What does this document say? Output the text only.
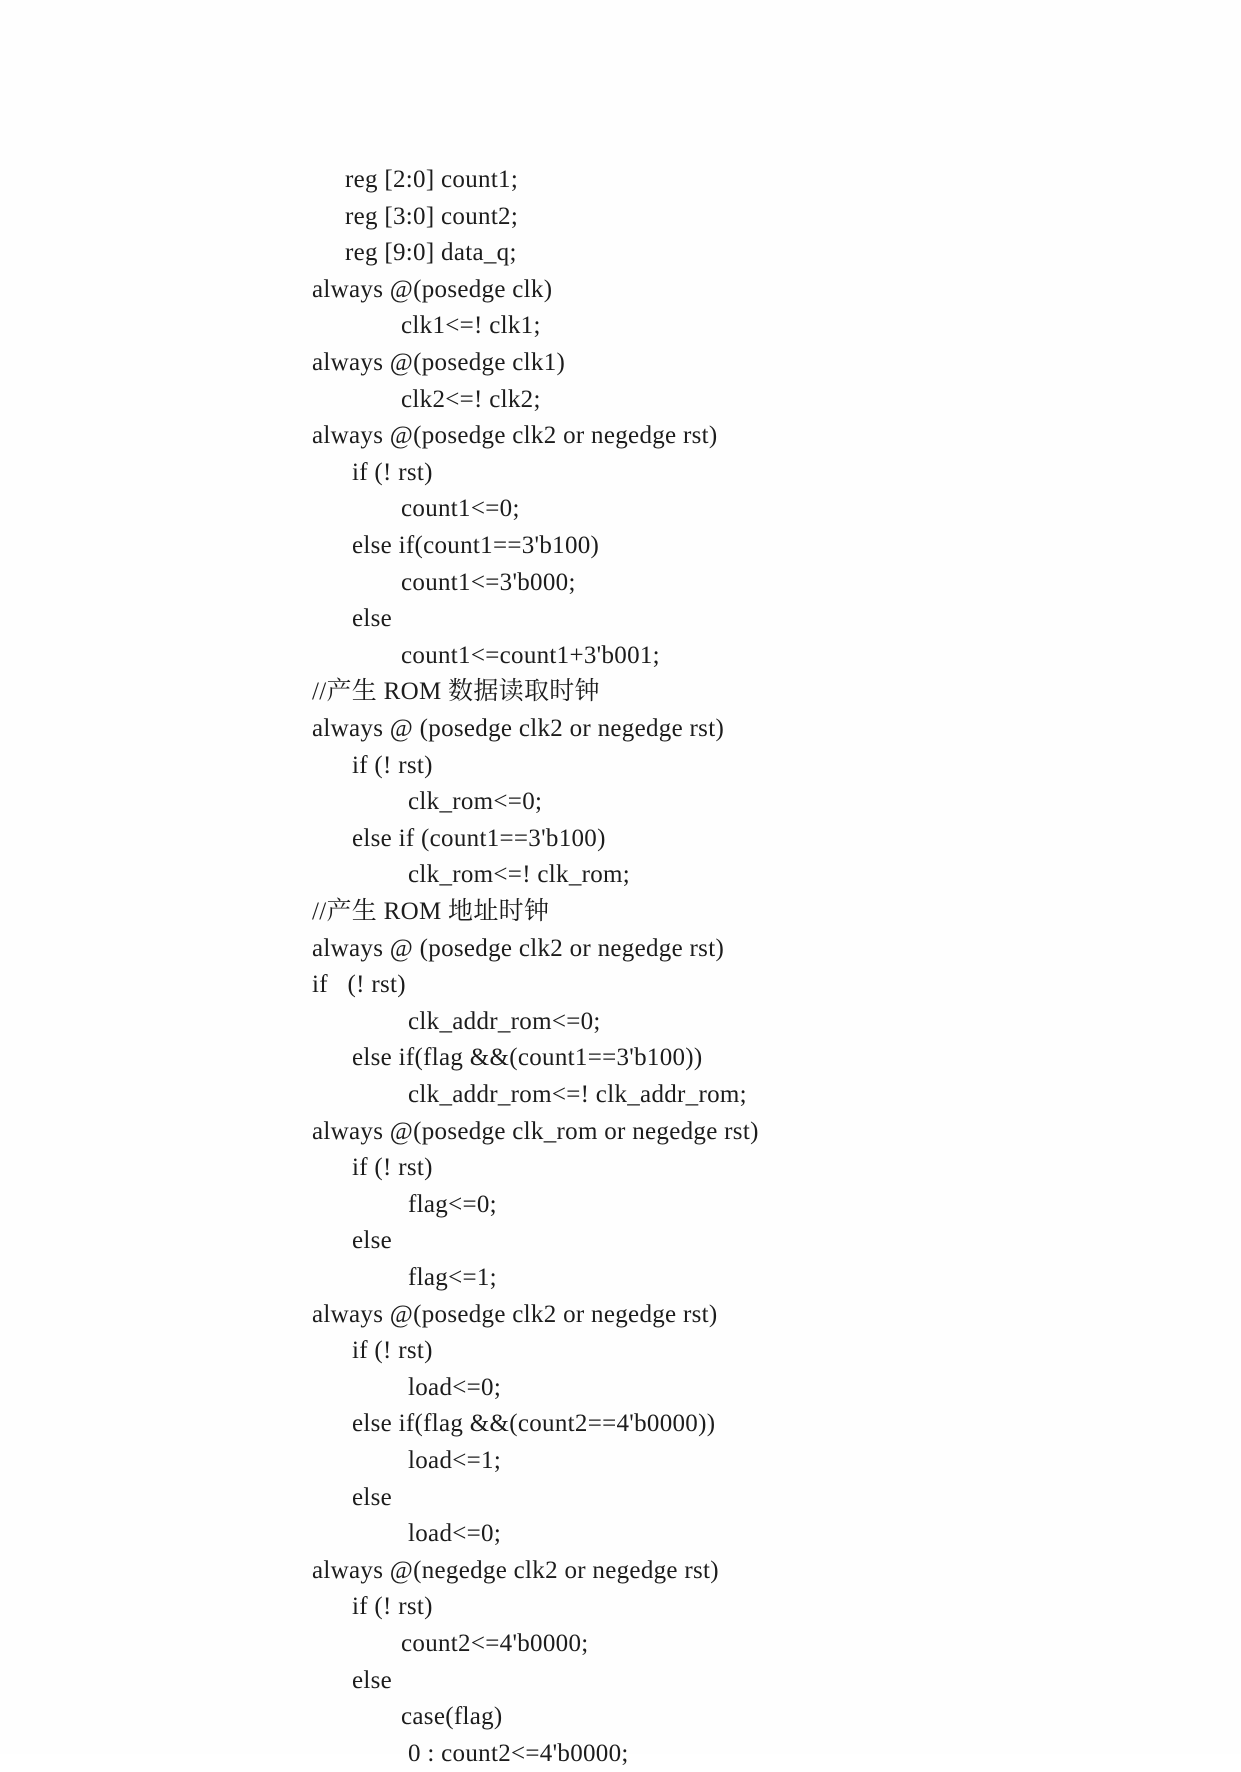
reg [2:0] count1;
reg [3:0] count2;
reg [9:0] data_q;
always @(posedge clk)
clk1<=! clk1;
always @(posedge clk1)
clk2<=! clk2;
always @(posedge clk2 or negedge rst)
if (! rst)
count1<=0;
else if(count1==3'b100)
count1<=3'b000;
else
count1<=count1+3'b001;
//产生 ROM 数据读取时钟
always @ (posedge clk2 or negedge rst)
if (! rst)
clk_rom<=0;
else if (count1==3'b100)
clk_rom<=! clk_rom;
//产生 ROM 地址时钟
always @ (posedge clk2 or negedge rst)
if   (! rst)
clk_addr_rom<=0;
else if(flag &&(count1==3'b100))
clk_addr_rom<=! clk_addr_rom;
always @(posedge clk_rom or negedge rst)
if (! rst)
flag<=0;
else
flag<=1;
always @(posedge clk2 or negedge rst)
if (! rst)
load<=0;
else if(flag &&(count2==4'b0000))
load<=1;
else
load<=0;
always @(negedge clk2 or negedge rst)
if (! rst)
count2<=4'b0000;
else
case(flag)
0 : count2<=4'b0000;
